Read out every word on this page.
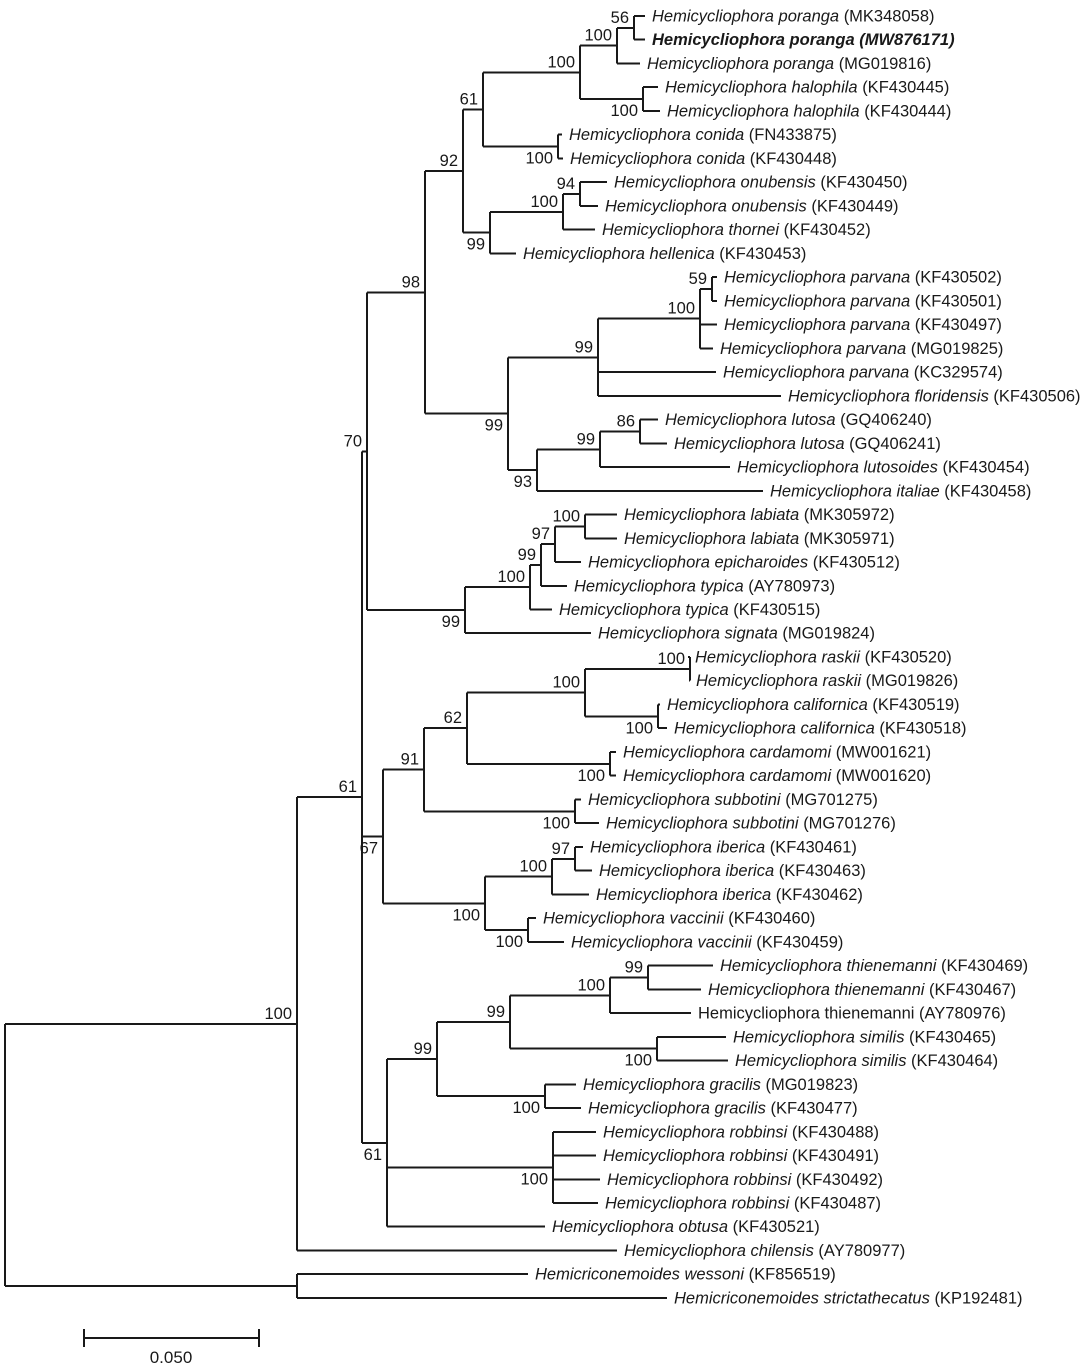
Hemicycliophora poranga (MK348058)
Hemicycliophora poranga (MW876171)
56
Hemicycliophora poranga (MG019816)
100
Hemicycliophora halophila (KF430445)
Hemicycliophora halophila (KF430444)
100
100
Hemicycliophora conida (FN433875)
Hemicycliophora conida (KF430448)
100
61
Hemicycliophora onubensis (KF430450)
Hemicycliophora onubensis (KF430449)
94
Hemicycliophora thornei (KF430452)
100
Hemicycliophora hellenica (KF430453)
99
92
Hemicycliophora parvana (KF430502)
Hemicycliophora parvana (KF430501)
59
Hemicycliophora parvana (KF430497)
Hemicycliophora parvana (MG019825)
100
Hemicycliophora parvana (KC329574)
Hemicycliophora floridensis (KF430506)
99
Hemicycliophora lutosa (GQ406240)
Hemicycliophora lutosa (GQ406241)
86
Hemicycliophora lutosoides (KF430454)
99
Hemicycliophora italiae (KF430458)
93
99
98
Hemicycliophora labiata (MK305972)
Hemicycliophora labiata (MK305971)
100
Hemicycliophora epicharoides (KF430512)
97
Hemicycliophora typica (AY780973)
99
Hemicycliophora typica (KF430515)
100
Hemicycliophora signata (MG019824)
99
70
Hemicycliophora raskii (KF430520)
Hemicycliophora raskii (MG019826)
100
Hemicycliophora californica (KF430519)
Hemicycliophora californica (KF430518)
100
100
Hemicycliophora cardamomi (MW001621)
Hemicycliophora cardamomi (MW001620)
100
62
Hemicycliophora subbotini (MG701275)
Hemicycliophora subbotini (MG701276)
100
91
Hemicycliophora iberica (KF430461)
Hemicycliophora iberica (KF430463)
97
Hemicycliophora iberica (KF430462)
100
Hemicycliophora vaccinii (KF430460)
Hemicycliophora vaccinii (KF430459)
100
100
67
Hemicycliophora thienemanni (KF430469)
Hemicycliophora thienemanni (KF430467)
99
Hemicycliophora thienemanni (AY780976)
100
Hemicycliophora similis (KF430465)
Hemicycliophora similis (KF430464)
100
99
Hemicycliophora gracilis (MG019823)
Hemicycliophora gracilis (KF430477)
100
99
Hemicycliophora robbinsi (KF430488)
Hemicycliophora robbinsi (KF430491)
Hemicycliophora robbinsi (KF430492)
Hemicycliophora robbinsi (KF430487)
100
Hemicycliophora obtusa (KF430521)
61
61
Hemicycliophora chilensis (AY780977)
100
Hemicriconemoides wessoni (KF856519)
Hemicriconemoides strictathecatus (KP192481)
0.050
